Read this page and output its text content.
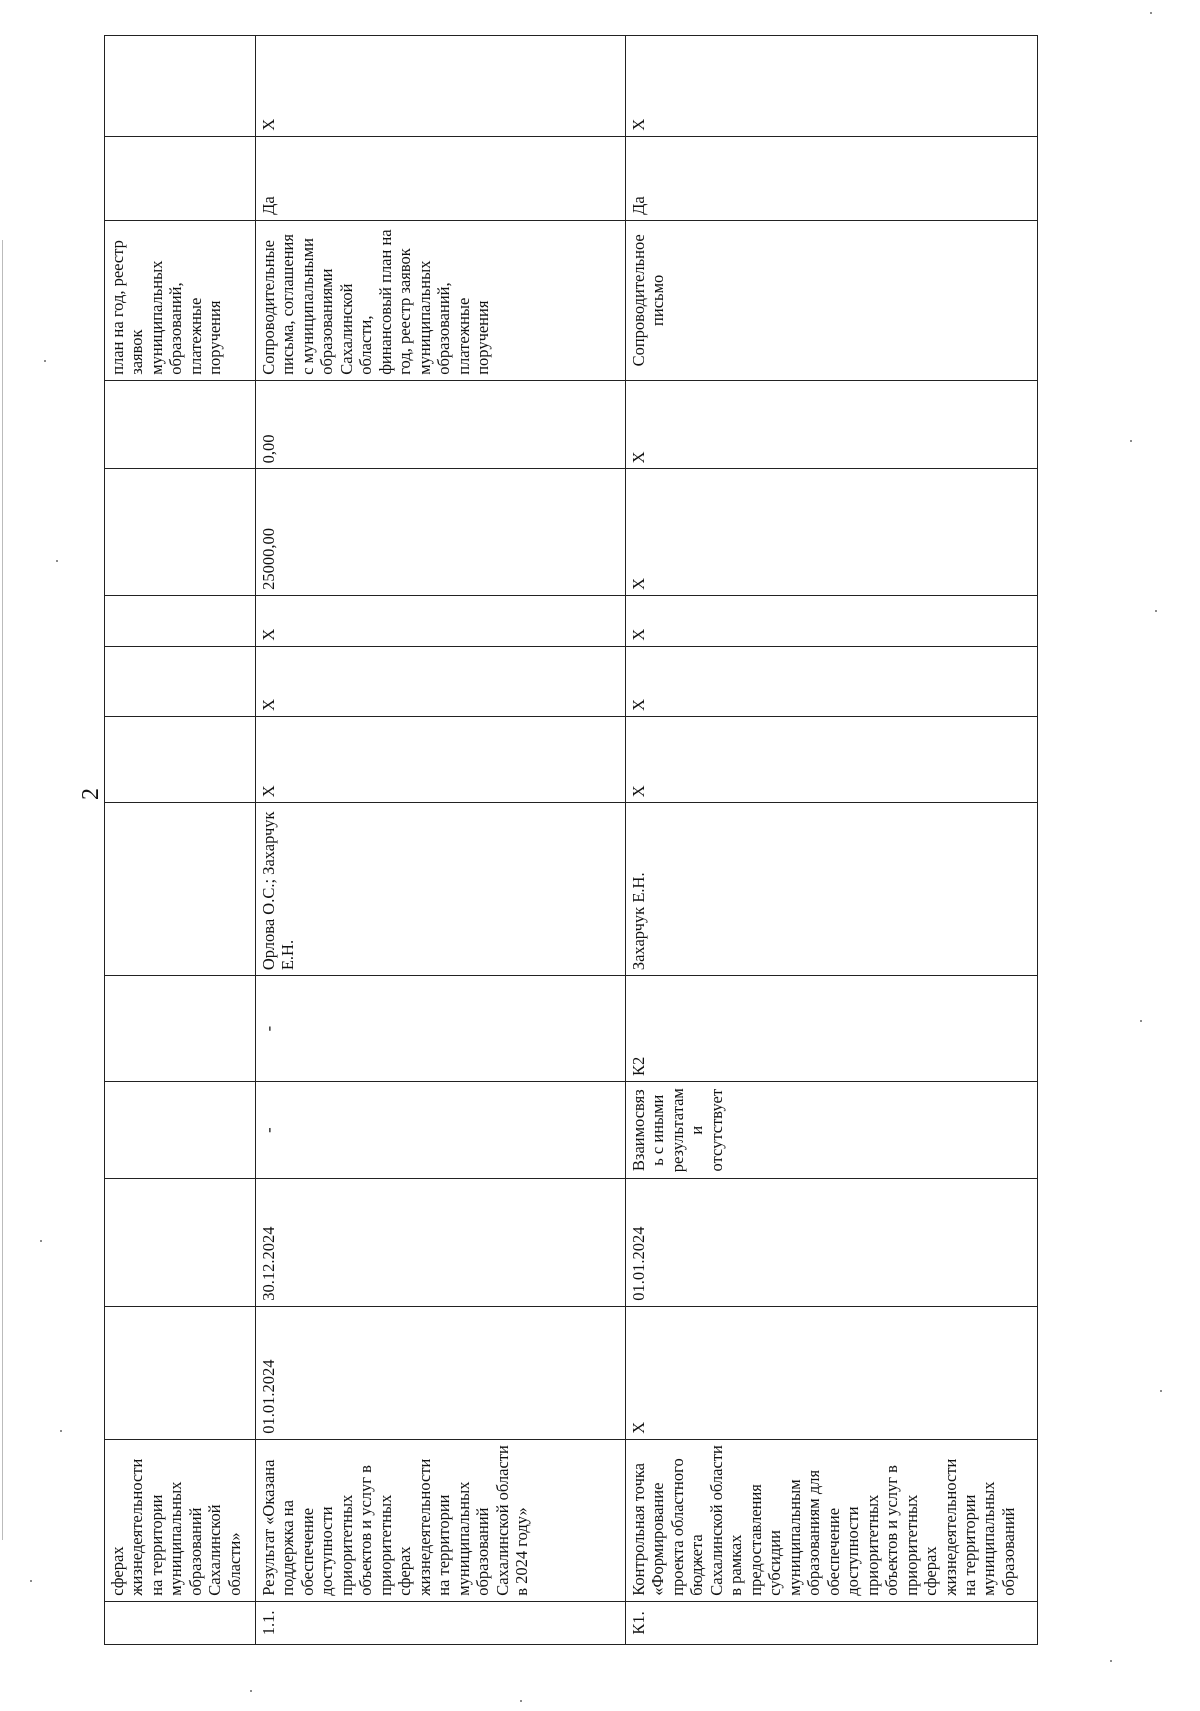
2
	сферах жизнедеятельности на территории муниципальных образований Сахалинской области»											план на год, реестр заявок муниципальных образований, платежные поручения		
1.1.	Результат «Оказана поддержка на обеспечение доступности приоритетных объектов и услуг в приоритетных сферах жизнедеятельности на территории муниципальных образований Сахалинской области в 2024 году»	01.01.2024	30.12.2024	-	-	Орлова О.С.; Захарчук Е.Н.	X	X	X	25000,00	0,00	Сопроводительные письма, соглашения с муниципальными образованиями Сахалинской области, финансовый план на год, реестр заявок муниципальных образований, платежные поручения	Да	X
К1.	Контрольная точка «Формирование проекта областного бюджета Сахалинской области в рамках предоставления субсидии муниципальным образованиям для обеспечение доступности приоритетных объектов и услуг в приоритетных сферах жизнедеятельности на территории муниципальных образований	X	01.01.2024	Взаимосвязь с иными результатами отсутствует	К2	Захарчук Е.Н.	X	X	X	X	X	Сопроводительное письмо	Да	X
